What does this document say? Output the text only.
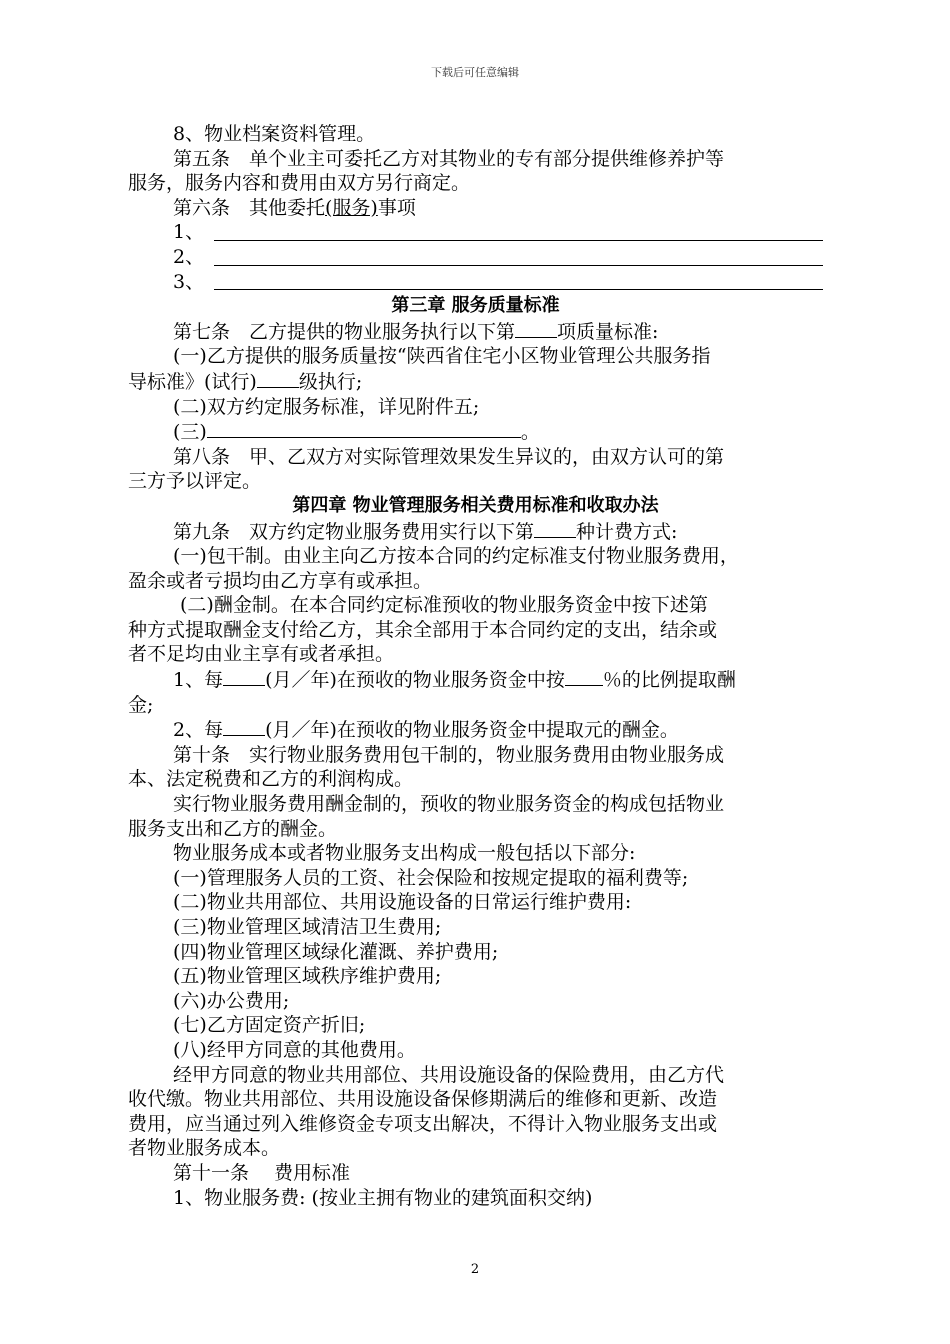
下载后可任意编辑

8、物业档案资料管理。

第五条　单个业主可委托乙方对其物业的专有部分提供维修养护等

服务，服务内容和费用由双方另行商定。

第六条　其他委托(服务)事项

1、
2、
3、

第三章 服务质量标准

第七条　乙方提供的物业服务执行以下第 项质量标准:

(一)乙方提供的服务质量按“陕西省住宅小区物业管理公共服务指

导标准》(试行) 级执行;

(二)双方约定服务标准，详见附件五;

(三)	。

第八条　甲、乙双方对实际管理效果发生异议的，由双方认可的第

三方予以评定。

第四章 物业管理服务相关费用标准和收取办法

第九条　双方约定物业服务费用实行以下第 种计费方式:

(一)包干制。由业主向乙方按本合同的约定标准支付物业服务费用，

盈余或者亏损均由乙方享有或承担。

(二)酬金制。在本合同约定标准预收的物业服务资金中按下述第

种方式提取酬金支付给乙方，其余全部用于本合同约定的支出，结余或

者不足均由业主享有或者承担。

1、每 (月／年)在预收的物业服务资金中按 ％的比例提取酬

金;

2、每 (月／年)在预收的物业服务资金中提取元的酬金。

第十条　实行物业服务费用包干制的，物业服务费用由物业服务成

本、法定税费和乙方的利润构成。

实行物业服务费用酬金制的，预收的物业服务资金的构成包括物业

服务支出和乙方的酬金。

物业服务成本或者物业服务支出构成一般包括以下部分:

(一)管理服务人员的工资、社会保险和按规定提取的福利费等;

(二)物业共用部位、共用设施设备的日常运行维护费用:

(三)物业管理区域清洁卫生费用;

(四)物业管理区域绿化灌溉、养护费用;

(五)物业管理区域秩序维护费用;

(六)办公费用;

(七)乙方固定资产折旧;

(八)经甲方同意的其他费用。

经甲方同意的物业共用部位、共用设施设备的保险费用，由乙方代

收代缴。物业共用部位、共用设施设备保修期满后的维修和更新、改造

费用，应当通过列入维修资金专项支出解决，不得计入物业服务支出或

者物业服务成本。

第十一条　 费用标准

1、物业服务费: (按业主拥有物业的建筑面积交纳)

2
